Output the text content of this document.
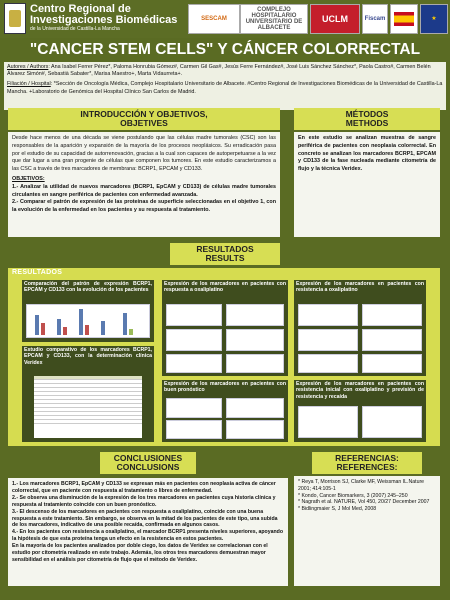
Centro Regional de
Investigaciones Biomédicas
de la Universidad de Castilla-La Mancha
SESCAM
COMPLEJO HOSPITALARIO UNIVERSITARIO DE ALBACETE
UCLM	Fiscam	★
"CANCER STEM CELLS" Y CÁNCER COLORRECTAL
Autores / Authors: Ana Isabel Ferrer Pérez*, Paloma Honrubia Gómez#, Carmen Gil Gas#, Jesús Ferre Fernández#, José Luis Sánchez Sánchez*, Paola Castro#, Carmen Belén Álvarez Simón#, Sebastià Sabater*, Marisa Maestro+, Marta Vidaurreta+.
Filiación / Hospital: *Sección de Oncología Médica, Complejo Hospitalario Universitario de Albacete. #Centro Regional de Investigaciones Biomédicas de la Universidad de Castilla-La Mancha. +Laboratorio de Genómica del Hospital Clínico San Carlos de Madrid.
INTRODUCCIÓN Y OBJETIVOS,
OBJETIVES
Desde hace menos de una década se viene postulando que las células madre tumorales (CSC) son las responsables de la aparición y expansión de la mayoría de los procesos neoplásicos. Su erradicación pasa por el estudio de su capacidad de autorrenovación, gracias a la cual son capaces de autoperpetuarse a la vez que dar lugar a una gran progenie de células que componen los tumores. En este estudio caracterizamos a las CSC a través de tres marcadores de membrana: BCRP1, EPCAM y CD133.
OBJETIVOS:
1.- Analizar la utilidad de nuevos marcadores (BCRP1, EpCAM y CD133) de células madre tumorales circulantes en sangre periférica de pacientes con enfermedad avanzada.
2.- Comparar el patrón de expresión de las proteínas de superficie seleccionadas en el objetivo 1, con la evolución de la enfermedad en los pacientes y su respuesta al tratamiento.
MÉTODOS
METHODS
En este estudio se analizan muestras de sangre periférica de pacientes con neoplasia colorrectal. En concreto se analizan los marcadores BCRP1, EPCAM y CD133 de la fase nucleada mediante citometría de flujo y la técnica Veridex.
RESULTADOS
RESULTS
RESULTADOS
Comparación del patrón de expresión BCRP1, EPCAM y CD133 con la evolución de los pacientes
Estudio comparativo de los marcadores BCRP1, EPCAM y CD133, con la determinación clínica Veridex
Expresión de los marcadores en pacientes con respuesta a oxaliplatino
Expresión de los marcadores en pacientes con buen pronóstico
Expresión de los marcadores en pacientes con resistencia a oxaliplatino
Expresión de los marcadores en pacientes con resistencia inicial con oxaliplatino y previsión de resistencia y recaída
CONCLUSIONES
CONCLUSIONS
1.- Los marcadores BCRP1, EpCAM y CD133 se expresan más en pacientes con neoplasia activa de cáncer colorrectal, que en paciente con respuesta al tratamiento o libres de enfermedad.
2.- Se observa una disminución de la expresión de los tres marcadores en pacientes cuya historia clínica y respuesta al tratamiento coincide con un buen pronóstico.
3.- El descenso de los marcadores en pacientes con respuesta a oxaliplatino, coincide con una buena respuesta a este tratamiento. Sin embargo, se observa en la mitad de los pacientes de este tipo, una subida de los marcadores, indicativo de una posible recaída, confirmada en algunos casos.
4.- En los pacientes con resistencia a oxaliplatino, el marcador BCRP1 presenta niveles superiores, apoyando la hipótesis de que esta proteína tenga un efecto en la resistencia en estos pacientes.
En la mayoría de los pacientes analizados por doble ciego, los datos de Veridex se correlacionan con el estudio por citometría realizado en este trabajo. Además, los otros tres marcadores demuestran mayor sensibilidad en el análisis por citometría de flujo que el método de Veridex.
REFERENCIAS:
REFERENCES:
* Reya T, Morrison SJ, Clarke MF, Weissman IL.Nature 2001; 414:105-1
* Kondo, Cancer Biomarkers, 3 (2007) 245–250
* Nagrath et al. NATURE, Vol 450, 20/27 December 2007
* Bidlingmaier S, J Mol Med, 2008
